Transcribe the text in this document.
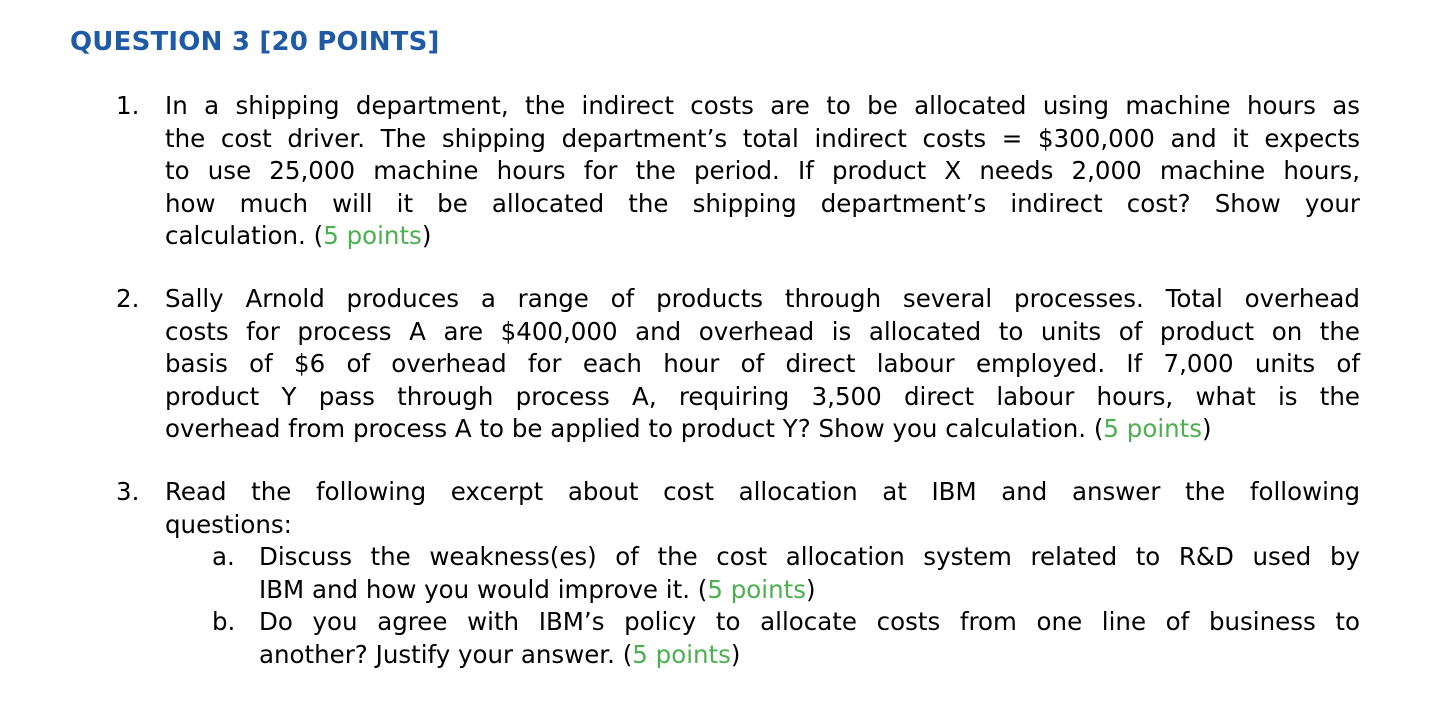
QUESTION 3 [20 POINTS]
1.	In a shipping department, the indirect costs are to be allocated using machine hours as
the cost driver. The shipping department’s total indirect costs = $300,000 and it expects
to use 25,000 machine hours for the period. If product X needs 2,000 machine hours,
how much will it be allocated the shipping department’s indirect cost? Show your
calculation. (5 points)
2.	Sally Arnold produces a range of products through several processes. Total overhead
costs for process A are $400,000 and overhead is allocated to units of product on the
basis of $6 of overhead for each hour of direct labour employed. If 7,000 units of
product Y pass through process A, requiring 3,500 direct labour hours, what is the
overhead from process A to be applied to product Y? Show you calculation. (5 points)
3.	Read the following excerpt about cost allocation at IBM and answer the following
questions:
a. Discuss the weakness(es) of the cost allocation system related to R&D used by
IBM and how you would improve it. (5 points)
b. Do you agree with IBM’s policy to allocate costs from one line of business to
another? Justify your answer. (5 points)
